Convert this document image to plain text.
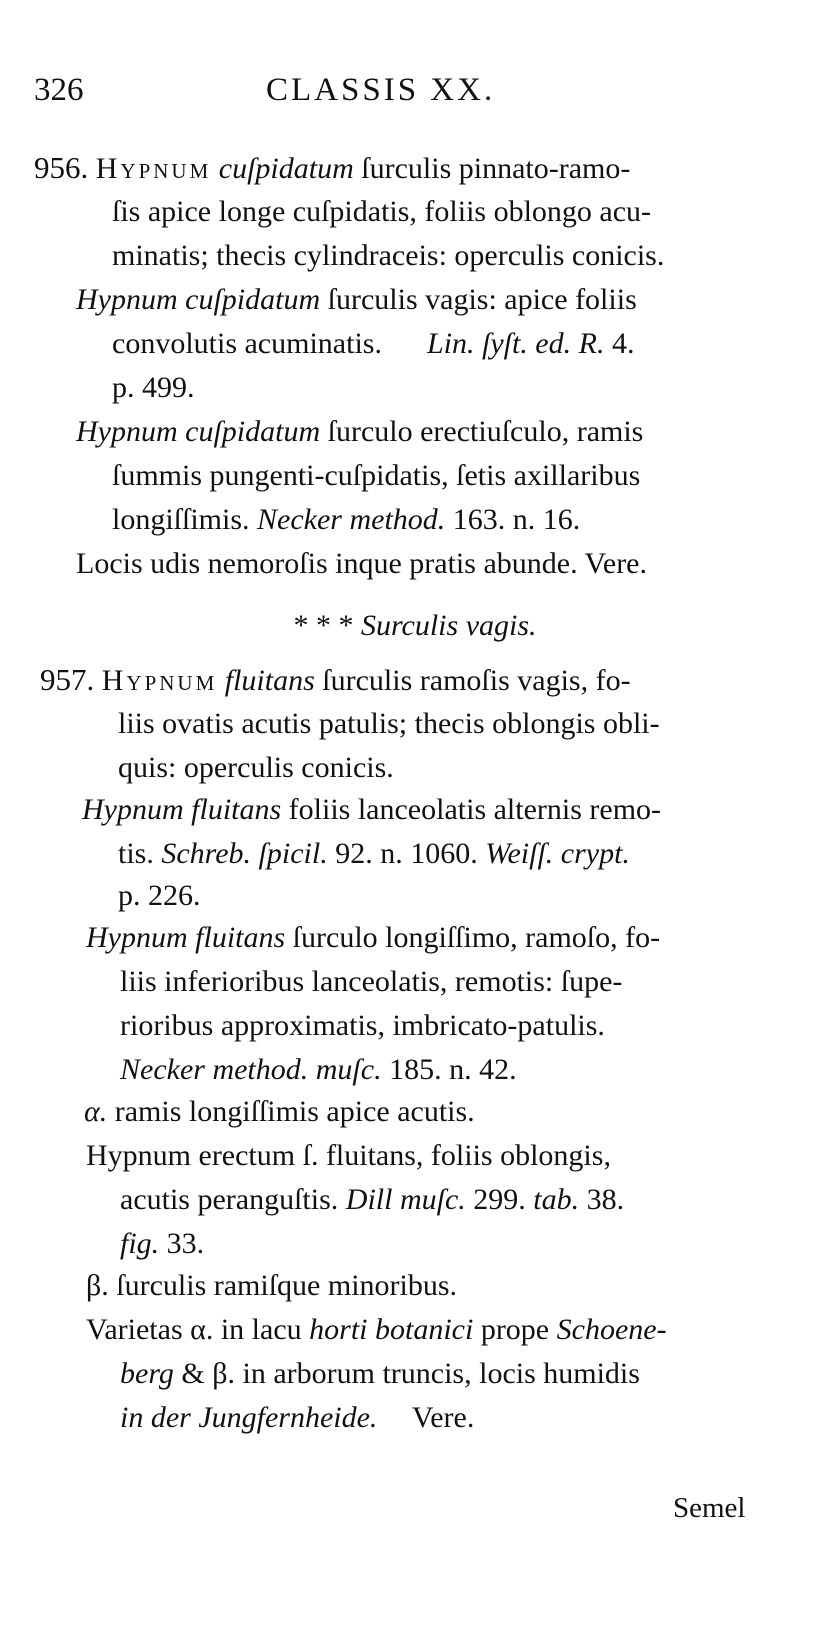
326	CLASSIS XX.
956. Hypnum cuſpidatum ſurculis pinnato-ramo-
ſis apice longe cuſpidatis, foliis oblongo acu-
minatis; thecis cylindraceis: operculis conicis.
Hypnum cuſpidatum ſurculis vagis: apice foliis
convolutis acuminatis. Lin. ſyſt. ed. R. 4.
p. 499.
Hypnum cuſpidatum ſurculo erectiuſculo, ramis
ſummis pungenti-cuſpidatis, ſetis axillaribus
longiſſimis. Necker method. 163. n. 16.
Locis udis nemoroſis inque pratis abunde. Vere.
* * * Surculis vagis.
957. Hypnum fluitans ſurculis ramoſis vagis, fo-
liis ovatis acutis patulis; thecis oblongis obli-
quis: operculis conicis.
Hypnum fluitans foliis lanceolatis alternis remo-
tis. Schreb. ſpicil. 92. n. 1060. Weiſſ. crypt.
p. 226.
Hypnum fluitans ſurculo longiſſimo, ramoſo, fo-
liis inferioribus lanceolatis, remotis: ſupe-
rioribus approximatis, imbricato-patulis.
Necker method. muſc. 185. n. 42.
α. ramis longiſſimis apice acutis.
Hypnum erectum ſ. fluitans, foliis oblongis,
acutis peranguſtis. Dill muſc. 299. tab. 38.
fig. 33.
β. ſurculis ramiſque minoribus.
Varietas α. in lacu horti botanici prope Schoene-
berg & β. in arborum truncis, locis humidis
in der Jungfernheide. Vere.
Semel
